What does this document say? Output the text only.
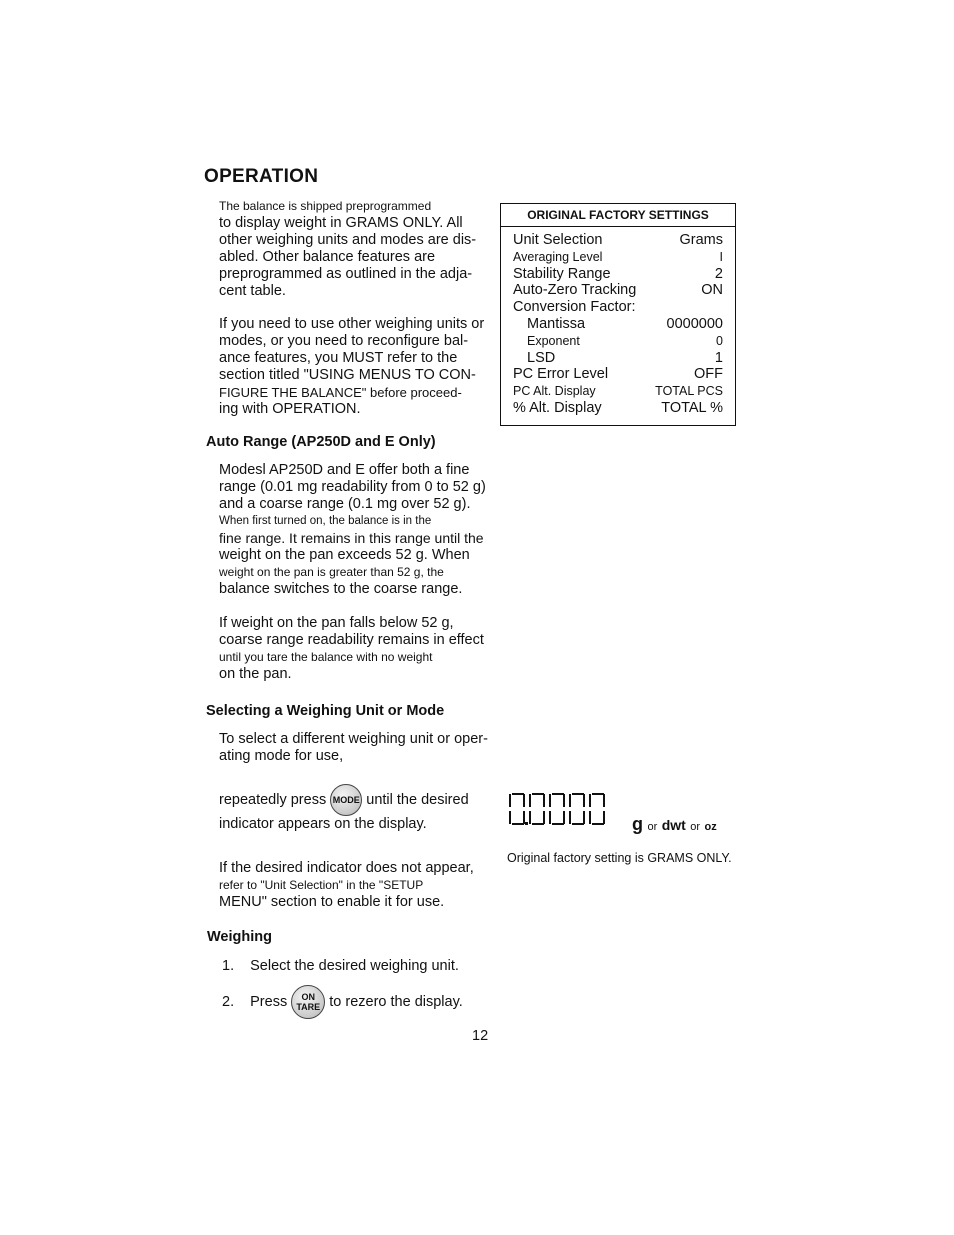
OPERATION
The balance is shipped preprogrammed
to display weight in GRAMS ONLY. All
other weighing units and modes are dis-
abled. Other balance features are
preprogrammed as outlined in the adja-
cent table.
If you need to use other weighing units or
modes, or you need to reconfigure bal-
ance features, you MUST refer to the
section titled "USING MENUS TO CON-
FIGURE THE BALANCE" before proceed-
ing with OPERATION.
Auto Range (AP250D and E Only)
Modesl AP250D and E offer both a fine
range (0.01 mg readability from 0 to 52 g)
and a coarse range (0.1 mg over 52 g).
When first turned on, the balance is in the
fine range. It remains in this range until the
weight on the pan exceeds 52 g. When
weight on the pan is greater than 52 g, the
balance switches to the coarse range.
If weight on the pan falls below 52 g,
coarse range readability remains in effect
until you tare the balance with no weight
on the pan.
Selecting a Weighing Unit or Mode
To select a different weighing unit or oper-
ating mode for use,
repeatedly press MODE until the desired
indicator appears on the display.
If the desired indicator does not appear,
refer to "Unit Selection" in the "SETUP
MENU" section to enable it for use.
Weighing
1. Select the desired weighing unit.
2. Press	ON
TARE to rezero the display.
ORIGINAL FACTORY SETTINGS
Unit Selection	Grams
Averaging Level	I
Stability Range	2
Auto-Zero Tracking	ON
Conversion Factor:
Mantissa	0000000
Exponent	0
LSD	1
PC Error Level	OFF
PC Alt. Display	TOTAL PCS
% Alt. Display	TOTAL %
g or dwt or oz
Original factory setting is GRAMS ONLY.
12
